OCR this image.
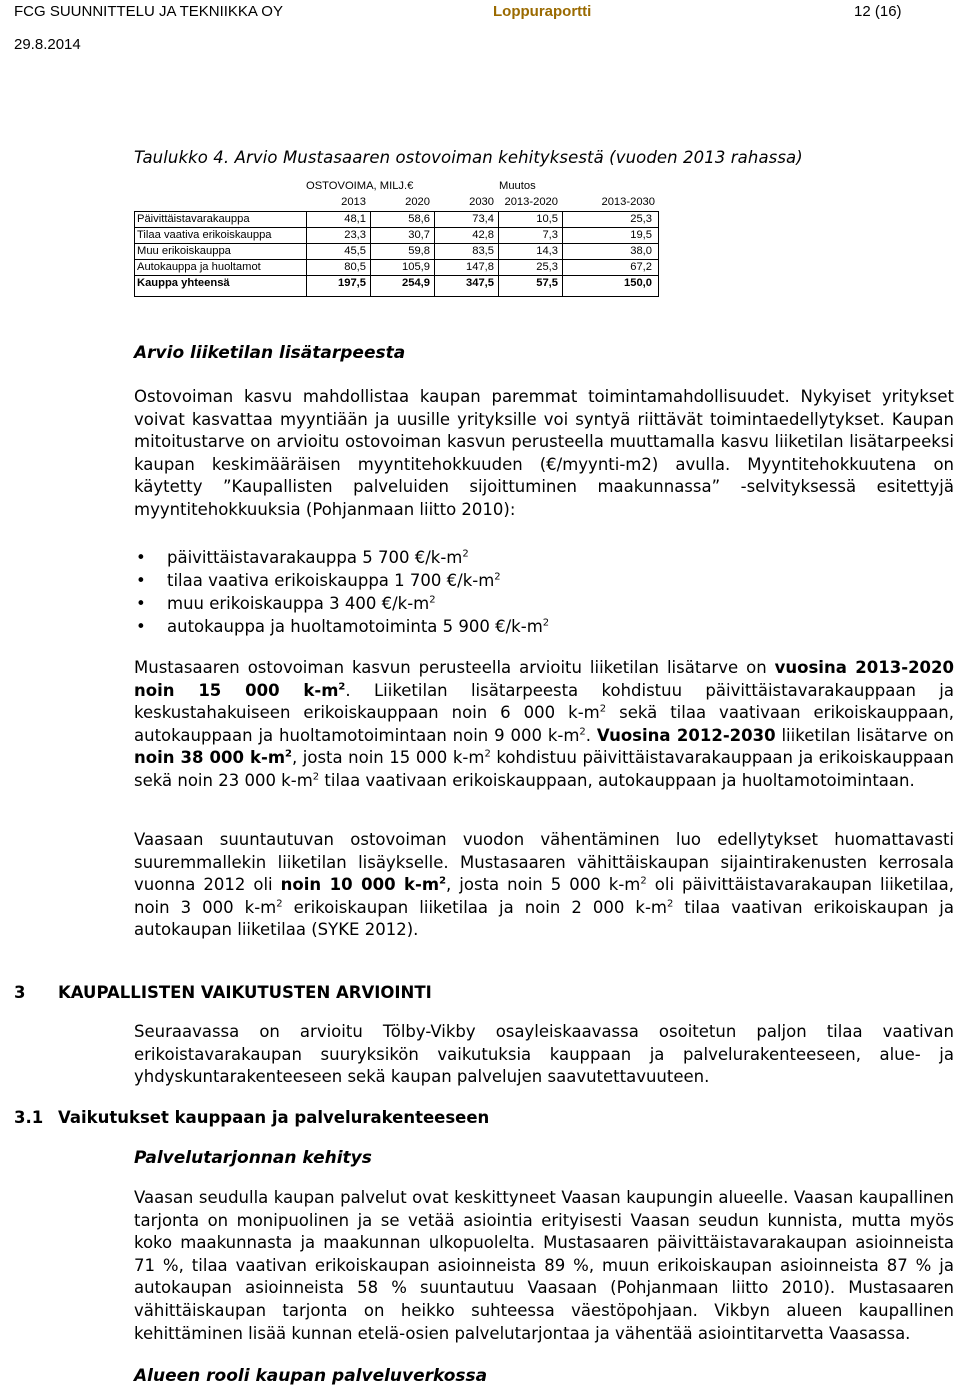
FCG SUUNNITTELU JA TEKNIIKKA OY	Loppuraportti	12 (16)
29.8.2014
Taulukko 4. Arvio Mustasaaren ostovoiman kehityksestä (vuoden 2013 rahassa)
OSTOVOIMA, MILJ.€	Muutos
2013	2020	2030 2013-2020	2013-2030
Päivittäistavarakauppa	48,1	58,6	73,4	10,5	25,3
Tilaa vaativa erikoiskauppa	23,3	30,7	42,8	7,3	19,5
Muu erikoiskauppa	45,5	59,8	83,5	14,3	38,0
Autokauppa ja huoltamot	80,5	105,9	147,8	25,3	67,2
Kauppa yhteensä	197,5	254,9	347,5	57,5	150,0
Arvio liiketilan lisätarpeesta

Ostovoiman kasvu mahdollistaa kaupan paremmat toimintamahdollisuudet. Nykyiset yritykset voivat kasvattaa myyntiään ja uusille yrityksille voi syntyä riittävät toimintaedellytykset. Kaupan mitoitustarve on arvioitu ostovoiman kasvun perusteella muuttamalla kasvu liiketilan lisätarpeeksi kaupan keskimääräisen myyntitehokkuuden (€/myynti-m2) avulla. Myyntitehokkuutena on käytetty ”Kaupallisten palveluiden sijoittuminen maakunnassa” -selvityksessä esitettyjä myyntitehokkuuksia (Pohjanmaan liitto 2010):

• päivittäistavarakauppa 5 700 $€/k-m^2$
• tilaa vaativa erikoiskauppa 1 700 $€/k-m^2$
• muu erikoiskauppa 3 400 $€/k-m^2$
• autokauppa ja huoltamotoiminta 5 900 $€/k-m^2$

Mustasaaren ostovoiman kasvun perusteella arvioitu liiketilan lisätarve on vuosina 2013-2020 noin 15 000 $k-m^2$. Liiketilan lisätarpeesta kohdistuu päivittäistavarakauppaan ja keskustahakuiseen erikoiskauppaan noin 6 000 $k-m^2$ sekä tilaa vaativaan erikoiskauppaan, autokauppaan ja huoltamotoimintaan noin 9 000 $k-m^2$. Vuosina 2012-2030 liiketilan lisätarve on noin 38 000 $k-m^2$, josta noin 15 000 $k-m^2$ kohdistuu päivittäistavarakauppaan ja erikoiskauppaan sekä noin 23 000 $k-m^2$ tilaa vaativaan erikoiskauppaan, autokauppaan ja huoltamotoimintaan.

Vaasaan suuntautuvan ostovoiman vuodon vähentäminen luo edellytykset huomattavasti suuremmallekin liiketilan lisäykselle. Mustasaaren vähittäiskaupan sijaintirakenusten kerrosala vuonna 2012 oli noin 10 000 $k-m^2$, josta noin 5 000 $k-m^2$ oli päivittäistavarakaupan liiketilaa, noin 3 000 $k-m^2$ erikoiskaupan liiketilaa ja noin 2 000 $k-m^2$ tilaa vaativan erikoiskaupan ja autokaupan liiketilaa (SYKE 2012).

3 KAUPALLISTEN VAIKUTUSTEN ARVIOINTI

Seuraavassa on arvioitu Tölby-Vikby osayleiskaavassa osoitetun paljon tilaa vaativan erikoistavarakaupan suuryksikön vaikutuksia kauppaan ja palvelurakenteeseen, alue- ja yhdyskuntarakenteeseen sekä kaupan palvelujen saavutettavuuteen.

3.1 Vaikutukset kauppaan ja palvelurakenteeseen
Palvelutarjonnan kehitys

Vaasan seudulla kaupan palvelut ovat keskittyneet Vaasan kaupungin alueelle. Vaasan kaupallinen tarjonta on monipuolinen ja se vetää asiointia erityisesti Vaasan seudun kunnista, mutta myös koko maakunnasta ja maakunnan ulkopuolelta. Mustasaaren päivittäistavarakaupan asioinneista 71 %, tilaa vaativan erikoiskaupan asioinneista 89 %, muun erikoiskaupan asioinneista 87 % ja autokaupan asioinneista 58 % suuntautuu Vaasaan (Pohjanmaan liitto 2010). Mustasaaren vähittäiskaupan tarjonta on heikko suhteessa väestöpohjaan. Vikbyn alueen kaupallinen kehittäminen lisää kunnan etelä-osien palvelutarjontaa ja vähentää asiointitarvetta Vaasassa.

Alueen rooli kaupan palveluverkossa
